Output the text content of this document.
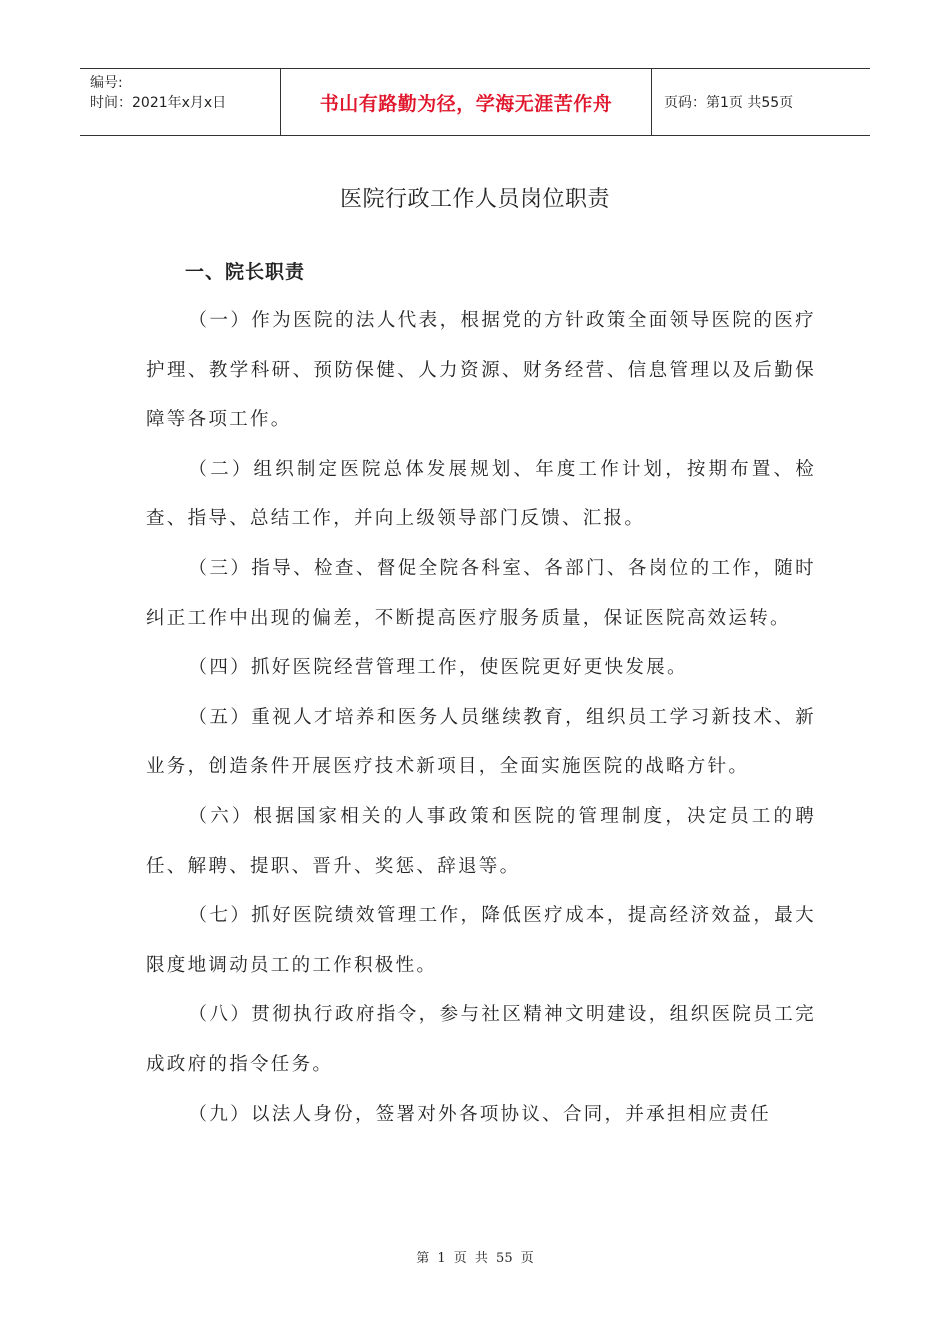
编号:
时间：2021年x月x日	书山有路勤为径，学海无涯苦作舟	页码：第1页 共55页
医院行政工作人员岗位职责
一、院长职责

（一）作为医院的法人代表，根据党的方针政策全面领导医院的医疗护理、教学科研、预防保健、人力资源、财务经营、信息管理以及后勤保障等各项工作。

（二）组织制定医院总体发展规划、年度工作计划，按期布置、检查、指导、总结工作，并向上级领导部门反馈、汇报。

（三）指导、检查、督促全院各科室、各部门、各岗位的工作，随时纠正工作中出现的偏差，不断提高医疗服务质量，保证医院高效运转。

（四）抓好医院经营管理工作，使医院更好更快发展。

（五）重视人才培养和医务人员继续教育，组织员工学习新技术、新业务，创造条件开展医疗技术新项目，全面实施医院的战略方针。

（六）根据国家相关的人事政策和医院的管理制度，决定员工的聘任、解聘、提职、晋升、奖惩、辞退等。

（七）抓好医院绩效管理工作，降低医疗成本，提高经济效益，最大限度地调动员工的工作积极性。

（八）贯彻执行政府指令，参与社区精神文明建设，组织医院员工完成政府的指令任务。

（九）以法人身份，签署对外各项协议、合同，并承担相应责任

第 1 页 共 55 页
